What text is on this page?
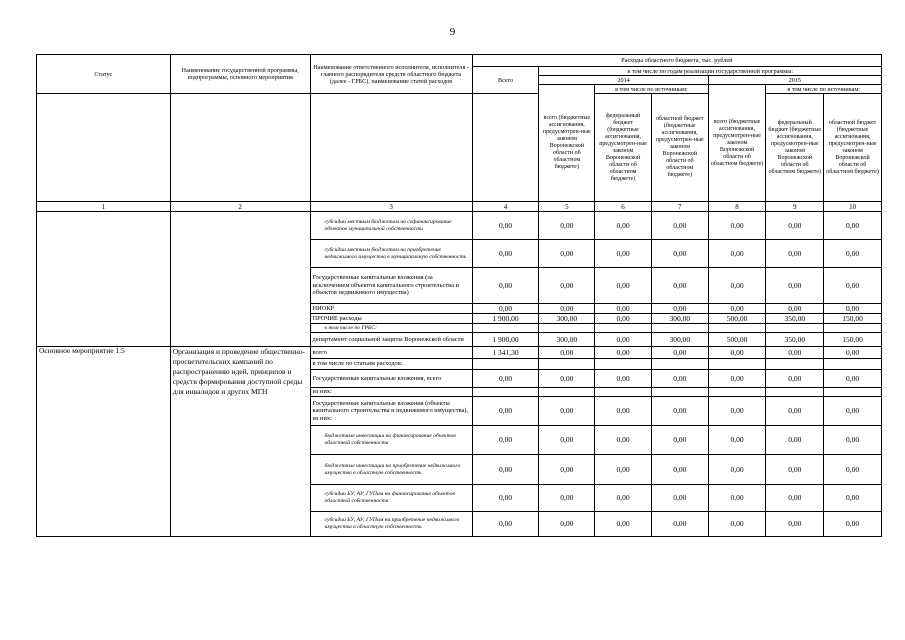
9
Статус	Наименование государственной программы, подпрограммы, основного мероприятия	Наименование ответственного исполнителя, исполнителя - главного распорядителя средств областного бюджета (далее - ГРБС), наименование статей расходов	Расходы областного бюджета, тыс. рублей						
			Всего	в том числе по годам реализации государственной программы:					
				2014			2015		
				всего (бюджетные ассигнования, предусмотрен-ные законом Воронежской области об областном бюджете)	в том числе по источникам:		всего (бюджетные ассигнования, предусмотрен-ные законом Воронежской области об областном бюджете)	в том числе по источникам:	
					федеральный бюджет (бюджетные ассигнования, предусмотрен-ные законом Воронежской области об областном бюджете)	областной бюджет (бюджетные ассигнования, предусмотрен-ные законом Воронежской области об областном бюджете)		федеральный бюджет (бюджетные ассигнования, предусмотрен-ные законом Воронежской области об областном бюджете)	областной бюджет (бюджетные ассигнования, предусмотрен-ные законом Воронежской области об областном бюджете)
1	2	3	4	5	6	7	8	9	10
		субсидии местным бюджетам на софинансирование объектов муниципальной собственности	0,00	0,00	0,00	0,00	0,00	0,00	0,00
		субсидии местным бюджетам на приобретение недвижимого имущества в муниципальную собственность	0,00	0,00	0,00	0,00	0,00	0,00	0,00
		Государственные капитальные вложения (за исключением объектов капитального строительства и объектов недвижимого имущества)	0,00	0,00	0,00	0,00	0,00	0,00	0,00
		НИОКР	0,00	0,00	0,00	0,00	0,00	0,00	0,00
		ПРОЧИЕ расходы	1 900,00	300,00	0,00	300,00	500,00	350,00	150,00
		в том числе по ГРБС:							
		департамент социальной защиты Воронежской области	1 900,00	300,00	0,00	300,00	500,00	350,00	150,00
Основное мероприятие 1.5	Организация и проведение общественно-просветительских кампаний по распространению идей, принципов и средств формирования доступной среды для инвалидов и других МГН	всего	1 341,30	0,00	0,00	0,00	0,00	0,00	0,00
		в том числе по статьям расходов:							
		Государственные капитальные вложения, всего	0,00	0,00	0,00	0,00	0,00	0,00	0,00
		из них:							
		Государственные капитальные вложения (объекты капитального строительства и недвижимого имущества), из них:	0,00	0,00	0,00	0,00	0,00	0,00	0,00
		бюджетные инвестиции на финансирование объектов областной собственности	0,00	0,00	0,00	0,00	0,00	0,00	0,00
		бюджетные инвестиции на приобретение недвижимого имущества в областную собственность	0,00	0,00	0,00	0,00	0,00	0,00	0,00
		субсидии БУ, АУ, ГУПам на финансирование объектов областной собственности	0,00	0,00	0,00	0,00	0,00	0,00	0,00
		субсидии БУ, АУ, ГУПам на приобретение недвижимого имущества в областную собственность	0,00	0,00	0,00	0,00	0,00	0,00	0,00
